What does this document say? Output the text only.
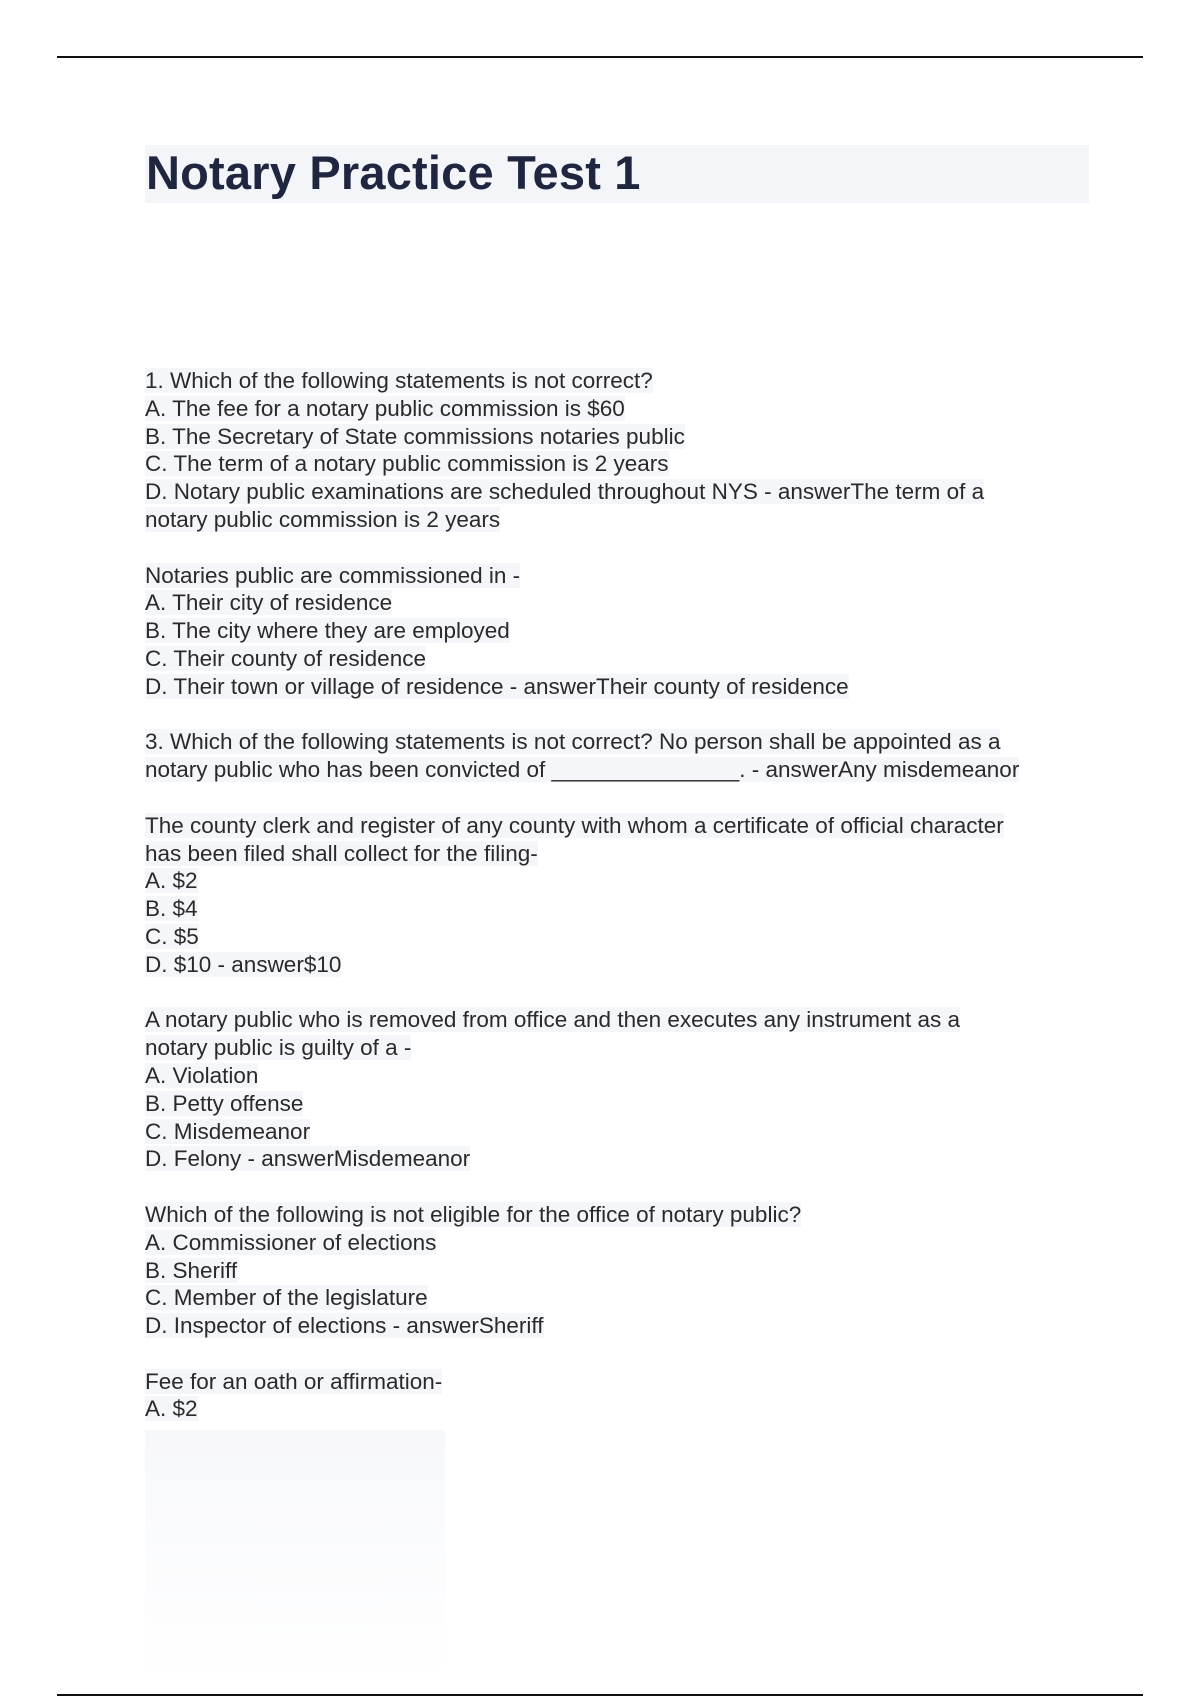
Notary Practice Test 1
1. Which of the following statements is not correct?
A. The fee for a notary public commission is $60
B. The Secretary of State commissions notaries public
C. The term of a notary public commission is 2 years
D. Notary public examinations are scheduled throughout NYS - answerThe term of a
notary public commission is 2 years
Notaries public are commissioned in -
A. Their city of residence
B. The city where they are employed
C. Their county of residence
D. Their town or village of residence - answerTheir county of residence
3. Which of the following statements is not correct? No person shall be appointed as a
notary public who has been convicted of _______________. - answerAny misdemeanor
The county clerk and register of any county with whom a certificate of official character
has been filed shall collect for the filing-
A. $2
B. $4
C. $5
D. $10 - answer$10
A notary public who is removed from office and then executes any instrument as a
notary public is guilty of a -
A. Violation
B. Petty offense
C. Misdemeanor
D. Felony - answerMisdemeanor
Which of the following is not eligible for the office of notary public?
A. Commissioner of elections
B. Sheriff
C. Member of the legislature
D. Inspector of elections - answerSheriff
Fee for an oath or affirmation-
A. $2
